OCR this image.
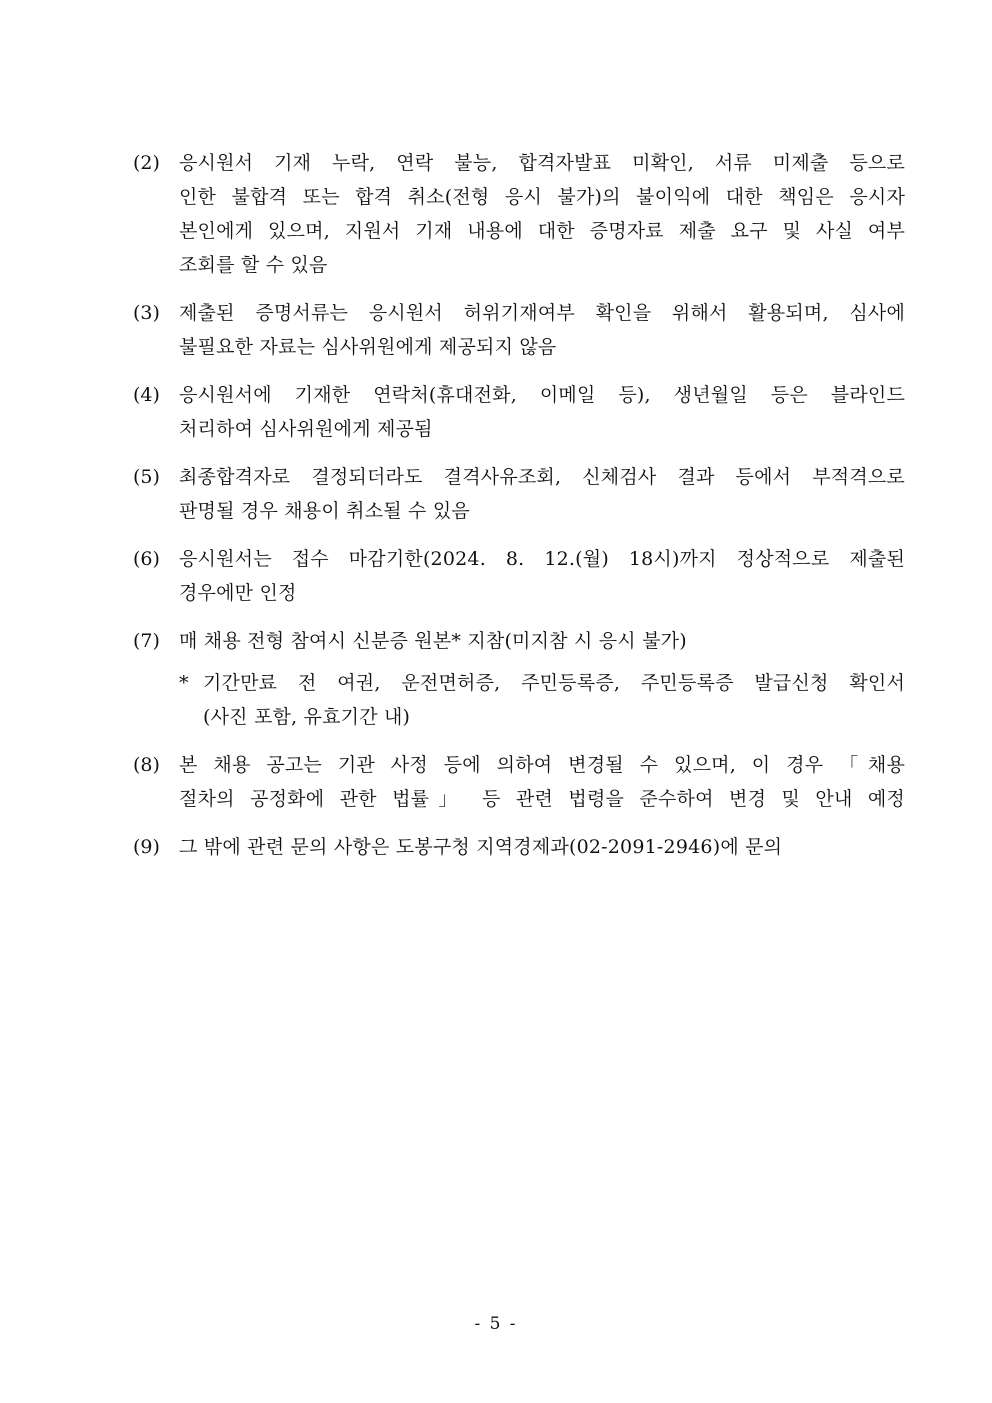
(2)	응시원서 기재 누락, 연락 불능, 합격자발표 미확인, 서류 미제출 등으로
인한 불합격 또는 합격 취소(전형 응시 불가)의 불이익에 대한 책임은 응시자
본인에게 있으며, 지원서 기재 내용에 대한 증명자료 제출 요구 및 사실 여부
조회를 할 수 있음
(3)	제출된 증명서류는 응시원서 허위기재여부 확인을 위해서 활용되며, 심사에
불필요한 자료는 심사위원에게 제공되지 않음
(4)	응시원서에 기재한 연락처(휴대전화, 이메일 등), 생년월일 등은 블라인드
처리하여 심사위원에게 제공됨
(5)	최종합격자로 결정되더라도 결격사유조회, 신체검사 결과 등에서 부적격으로
판명될 경우 채용이 취소될 수 있음
(6)	응시원서는 접수 마감기한(2024. 8. 12.(월) 18시)까지 정상적으로 제출된
경우에만 인정
(7)	매 채용 전형 참여시 신분증 원본* 지참(미지참 시 응시 불가)
* 기간만료 전 여권, 운전면허증, 주민등록증, 주민등록증 발급신청 확인서
(사진 포함, 유효기간 내)
(8)	본 채용 공고는 기관 사정 등에 의하여 변경될 수 있으며, 이 경우 「채용
절차의 공정화에 관한 법률」 등 관련 법령을 준수하여 변경 및 안내 예정
(9)	그 밖에 관련 문의 사항은 도봉구청 지역경제과(02-2091-2946)에 문의
- 5 -
